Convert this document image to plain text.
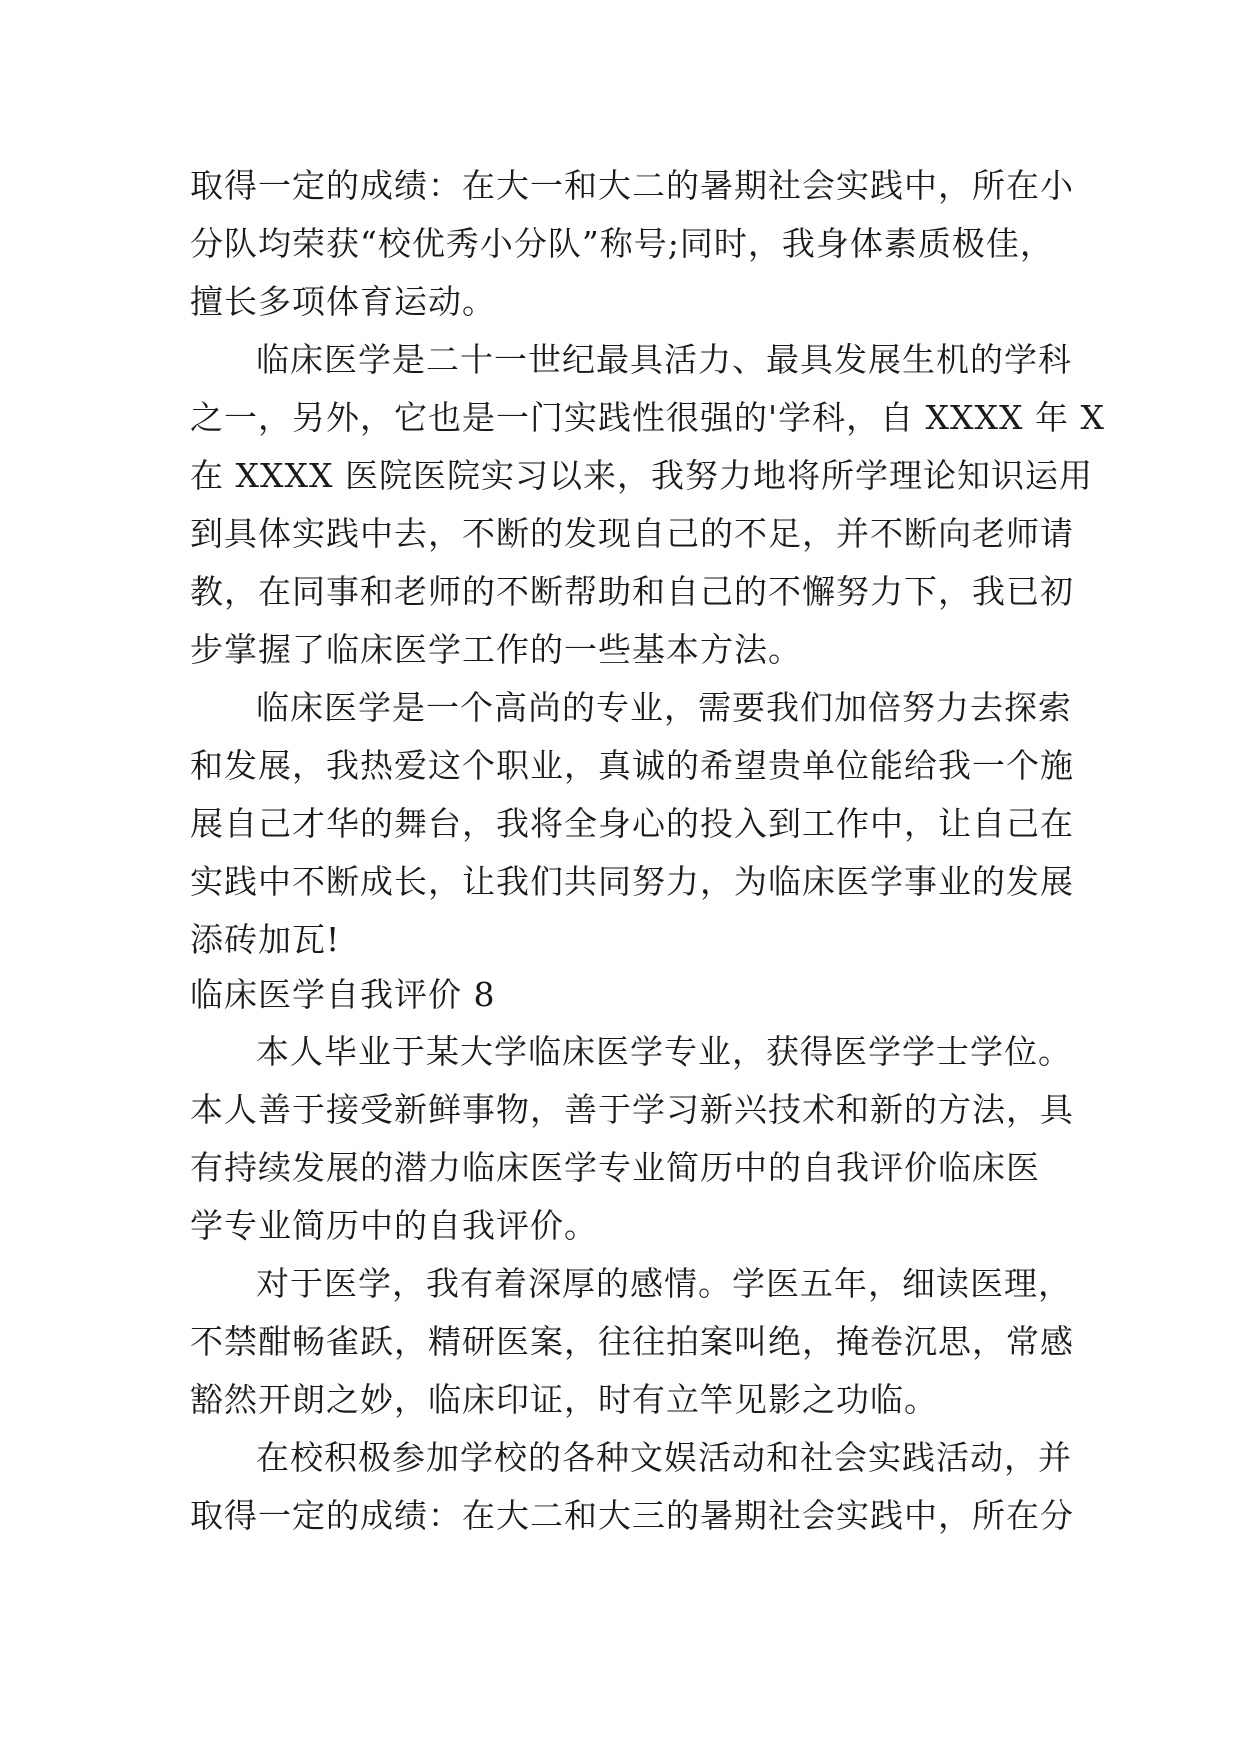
取得一定的成绩：在大一和大二的暑期社会实践中，所在小
分队均荣获“校优秀小分队”称号;同时，我身体素质极佳，
擅长多项体育运动。
临床医学是二十一世纪最具活力、最具发展生机的学科
之一，另外，它也是一门实践性很强的'学科，自 XXXX 年 X
在 XXXX 医院医院实习以来，我努力地将所学理论知识运用
到具体实践中去，不断的发现自己的不足，并不断向老师请
教，在同事和老师的不断帮助和自己的不懈努力下，我已初
步掌握了临床医学工作的一些基本方法。
临床医学是一个高尚的专业，需要我们加倍努力去探索
和发展，我热爱这个职业，真诚的希望贵单位能给我一个施
展自己才华的舞台，我将全身心的投入到工作中，让自己在
实践中不断成长，让我们共同努力，为临床医学事业的发展
添砖加瓦!
临床医学自我评价 8
本人毕业于某大学临床医学专业，获得医学学士学位。
本人善于接受新鲜事物，善于学习新兴技术和新的方法，具
有持续发展的潜力临床医学专业简历中的自我评价临床医
学专业简历中的自我评价。
对于医学，我有着深厚的感情。学医五年，细读医理，
不禁酣畅雀跃，精研医案，往往拍案叫绝，掩卷沉思，常感
豁然开朗之妙，临床印证，时有立竿见影之功临。
在校积极参加学校的各种文娱活动和社会实践活动，并
取得一定的成绩：在大二和大三的暑期社会实践中，所在分
